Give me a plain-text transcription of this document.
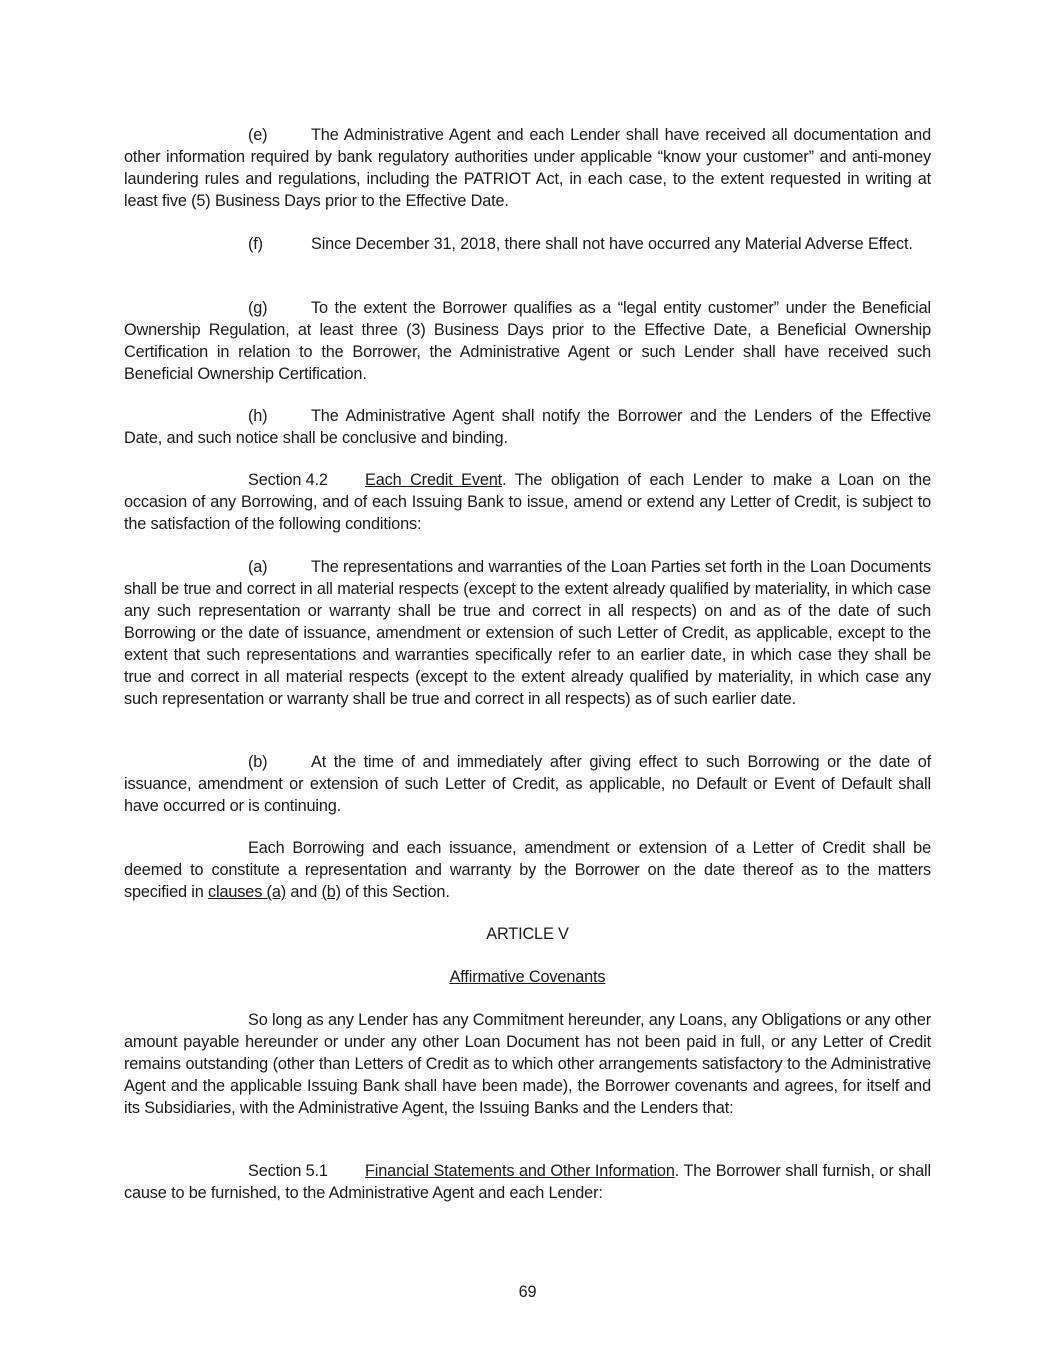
(e)	The Administrative Agent and each Lender shall have received all documentation and other information required by bank regulatory authorities under applicable “know your customer” and anti-money laundering rules and regulations, including the PATRIOT Act, in each case, to the extent requested in writing at least five (5) Business Days prior to the Effective Date.

(f)	Since December 31, 2018, there shall not have occurred any Material Adverse Effect.

(g)	To the extent the Borrower qualifies as a “legal entity customer” under the Beneficial Ownership Regulation, at least three (3) Business Days prior to the Effective Date, a Beneficial Ownership Certification in relation to the Borrower, the Administrative Agent or such Lender shall have received such Beneficial Ownership Certification.

(h)	The Administrative Agent shall notify the Borrower and the Lenders of the Effective Date, and such notice shall be conclusive and binding.

Section 4.2 Each Credit Event. The obligation of each Lender to make a Loan on the occasion of any Borrowing, and of each Issuing Bank to issue, amend or extend any Letter of Credit, is subject to the satisfaction of the following conditions:

(a)	The representations and warranties of the Loan Parties set forth in the Loan Documents shall be true and correct in all material respects (except to the extent already qualified by materiality, in which case any such representation or warranty shall be true and correct in all respects) on and as of the date of such Borrowing or the date of issuance, amendment or extension of such Letter of Credit, as applicable, except to the extent that such representations and warranties specifically refer to an earlier date, in which case they shall be true and correct in all material respects (except to the extent already qualified by materiality, in which case any such representation or warranty shall be true and correct in all respects) as of such earlier date.

(b)	At the time of and immediately after giving effect to such Borrowing or the date of issuance, amendment or extension of such Letter of Credit, as applicable, no Default or Event of Default shall have occurred or is continuing.

Each Borrowing and each issuance, amendment or extension of a Letter of Credit shall be deemed to constitute a representation and warranty by the Borrower on the date thereof as to the matters specified in clauses (a) and (b) of this Section.

ARTICLE V

Affirmative Covenants

So long as any Lender has any Commitment hereunder, any Loans, any Obligations or any other amount payable hereunder or under any other Loan Document has not been paid in full, or any Letter of Credit remains outstanding (other than Letters of Credit as to which other arrangements satisfactory to the Administrative Agent and the applicable Issuing Bank shall have been made), the Borrower covenants and agrees, for itself and its Subsidiaries, with the Administrative Agent, the Issuing Banks and the Lenders that:

Section 5.1 Financial Statements and Other Information. The Borrower shall furnish, or shall cause to be furnished, to the Administrative Agent and each Lender:

69
